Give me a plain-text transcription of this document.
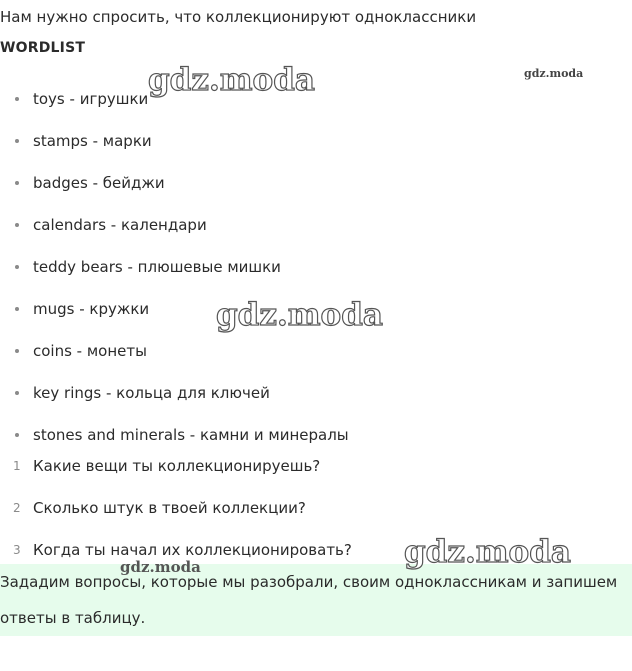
Нам нужно спросить, что коллекционируют одноклассники
WORDLIST
toys - игрушки
stamps - марки
badges - бейджи
calendars - календари
teddy bears - плюшевые мишки
mugs - кружки
coins - монеты
key rings - кольца для ключей
stones and minerals - камни и минералы
1 Какие вещи ты коллекционируешь?
2 Сколько штук в твоей коллекции?
3 Когда ты начал их коллекционировать?

Зададим вопросы, которые мы разобрали, своим одноклассникам и запишем ответы в таблицу.

gdz.moda	gdz.moda
gdz.moda
gdz.moda
gdz.moda
